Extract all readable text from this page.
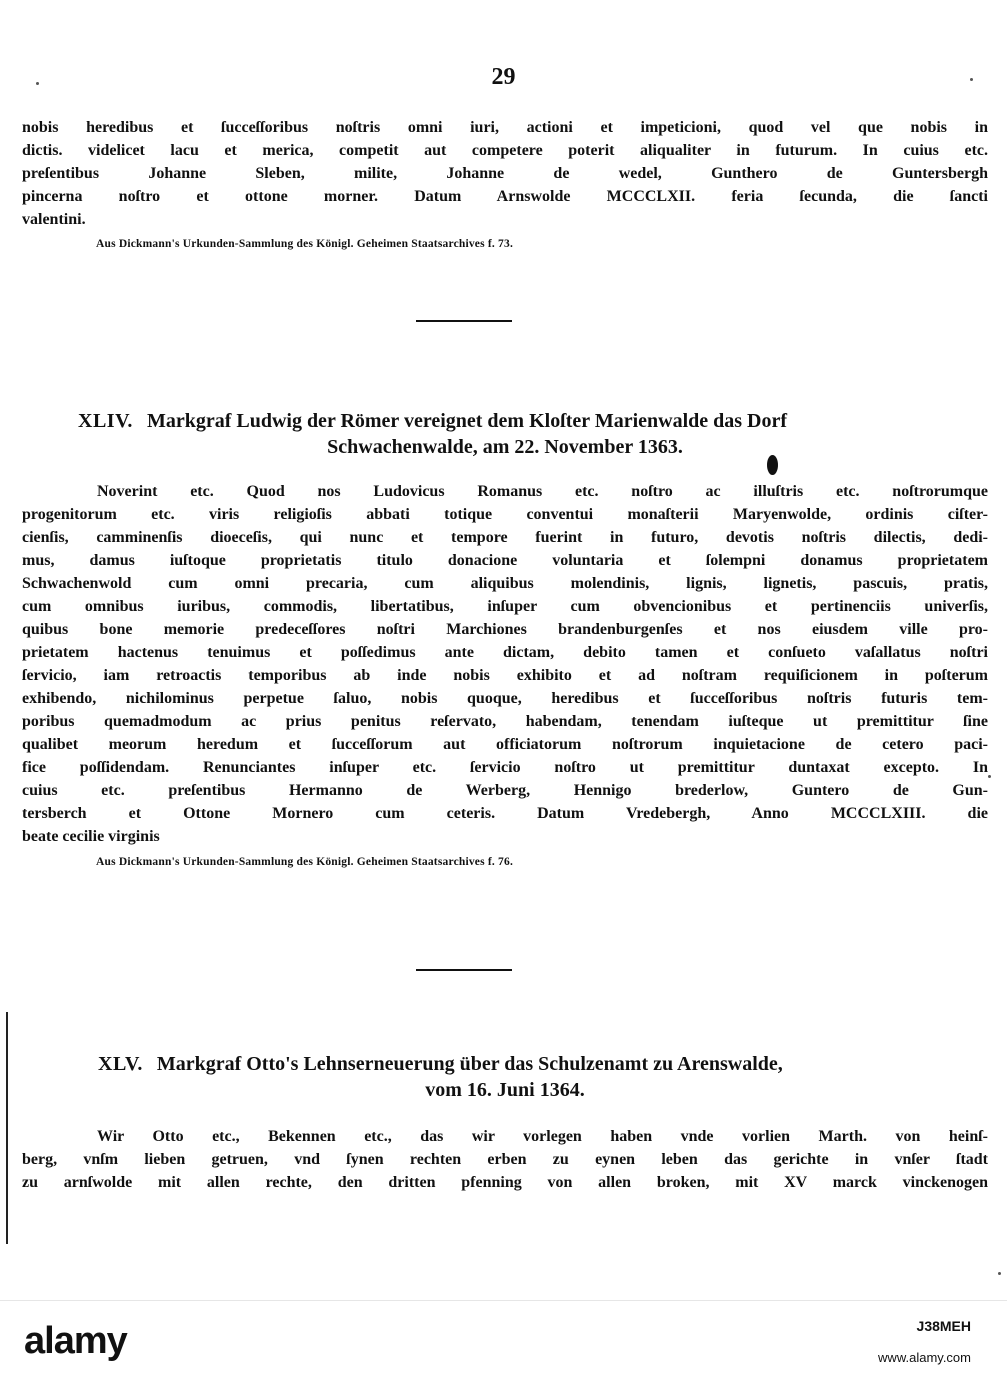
29
nobis heredibus et ſucceſſoribus noſtris omni iuri, actioni et impeticioni, quod vel que nobis in
dictis. videlicet lacu et merica, competit aut competere poterit aliqualiter in futurum. In cuius etc.
preſentibus Johanne Sleben, milite, Johanne de wedel, Gunthero de Guntersbergh
pincerna noſtro et ottone morner. Datum Arnswolde MCCCLXII. feria ſecunda, die ſancti
valentini.
Aus Dickmann's Urkunden-Sammlung des Königl. Geheimen Staatsarchives f. 73.
XLIV. Markgraf Ludwig der Römer vereignet dem Kloſter Marienwalde das Dorf
Schwachenwalde, am 22. November 1363.
Noverint etc. Quod nos Ludovicus Romanus etc. noſtro ac illuſtris etc. noſtrorumque
progenitorum etc. viris religioſis abbati totique conventui monaſterii Maryenwolde, ordinis ciſter-
cienſis, camminenſis dioeceſis, qui nunc et tempore fuerint in futuro, devotis noſtris dilectis, dedi-
mus, damus iuſtoque proprietatis titulo donacione voluntaria et ſolempni donamus proprietatem
Schwachenwold cum omni precaria, cum aliquibus molendinis, lignis, lignetis, pascuis, pratis,
cum omnibus iuribus, commodis, libertatibus, inſuper cum obvencionibus et pertinenciis univerſis,
quibus bone memorie predeceſſores noſtri Marchiones brandenburgenſes et nos eiusdem ville pro-
prietatem hactenus tenuimus et poſſedimus ante dictam, debito tamen et conſueto vaſallatus noſtri
ſervicio, iam retroactis temporibus ab inde nobis exhibito et ad noſtram requiſicionem in poſterum
exhibendo, nichilominus perpetue ſaluo, nobis quoque, heredibus et ſucceſſoribus noſtris futuris tem-
poribus quemadmodum ac prius penitus reſervato, habendam, tenendam iuſteque ut premittitur ſine
qualibet meorum heredum et ſucceſſorum aut officiatorum noſtrorum inquietacione de cetero paci-
fice poſſidendam. Renunciantes inſuper etc. ſervicio noſtro ut premittitur duntaxat excepto. In
cuius etc. preſentibus Hermanno de Werberg, Hennigo brederlow, Guntero de Gun-
tersberch et Ottone Mornero cum ceteris. Datum Vredebergh, Anno MCCCLXIII. die
beate cecilie virginis
Aus Dickmann's Urkunden-Sammlung des Königl. Geheimen Staatsarchives f. 76.
XLV. Markgraf Otto's Lehnserneuerung über das Schulzenamt zu Arenswalde,
vom 16. Juni 1364.
Wir Otto etc., Bekennen etc., das wir vorlegen haben vnde vorlien Marth. von heinſ-
berg, vnſm lieben getruen, vnd ſynen rechten erben zu eynen leben das gerichte in vnſer ſtadt
zu arnſwolde mit allen rechte, den dritten pfenning von allen broken, mit XV marck vinckenogen
alamy	J38MEH
www.alamy.com
